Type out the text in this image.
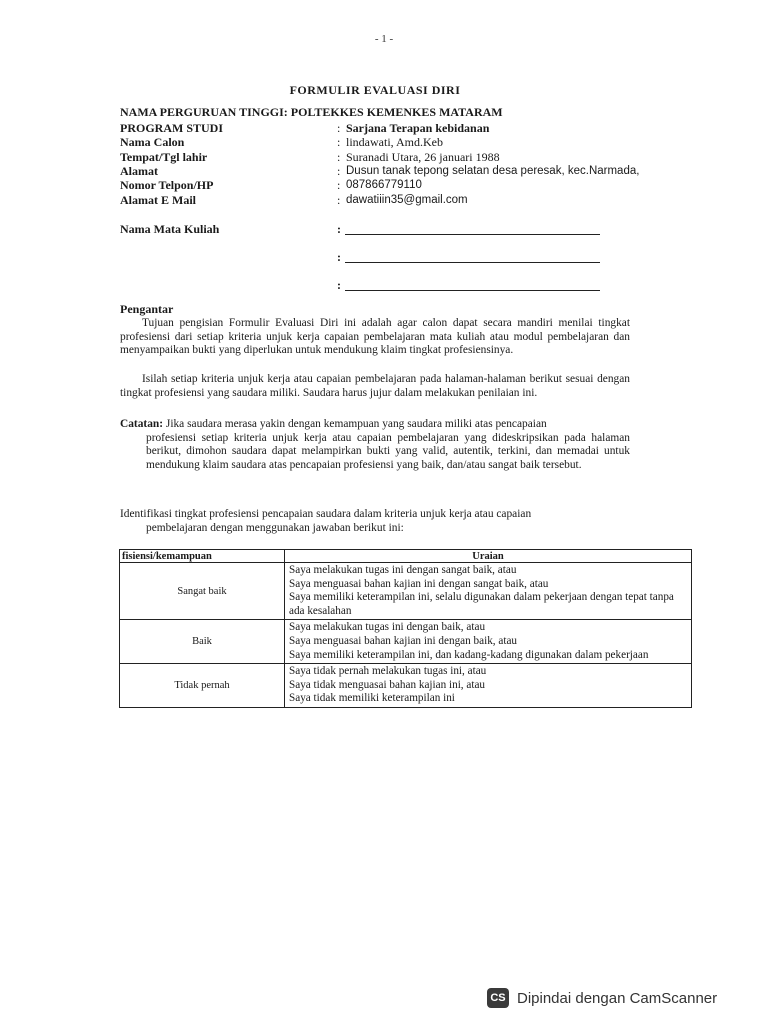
- 1 -
FORMULIR EVALUASI DIRI
NAMA PERGURUAN TINGGI: POLTEKKES KEMENKES MATARAM
PROGRAM STUDI	: Sarjana Terapan kebidanan
Nama Calon	: lindawati, Amd.Keb
Tempat/Tgl lahir	: Suranadi Utara, 26 januari 1988
Alamat	: Dusun tanak tepong selatan desa peresak, kec.Narmada,
Nomor Telpon/HP	: 087866779110
Alamat E Mail	: dawatiiin35@gmail.com
Nama Mata Kuliah	:
:
:
Pengantar
Tujuan pengisian Formulir Evaluasi Diri ini adalah agar calon dapat secara mandiri menilai tingkat profesiensi dari setiap kriteria unjuk kerja capaian pembelajaran mata kuliah atau modul pembelajaran dan menyampaikan bukti yang diperlukan untuk mendukung klaim tingkat profesiensinya.
Isilah setiap kriteria unjuk kerja atau capaian pembelajaran pada halaman-halaman berikut sesuai dengan tingkat profesiensi yang saudara miliki. Saudara harus jujur dalam melakukan penilaian ini.
Catatan: Jika saudara merasa yakin dengan kemampuan yang saudara miliki atas pencapaian
profesiensi setiap kriteria unjuk kerja atau capaian pembelajaran yang dideskripsikan pada halaman berikut, dimohon saudara dapat melampirkan bukti yang valid, autentik, terkini, dan memadai untuk mendukung klaim saudara atas pencapaian profesiensi yang baik, dan/atau sangat baik tersebut.
Identifikasi tingkat profesiensi pencapaian saudara dalam kriteria unjuk kerja atau capaian
pembelajaran dengan menggunakan jawaban berikut ini:
fisiensi/kemampuan	Uraian
Sangat baik	Saya melakukan tugas ini dengan sangat baik, atau
Saya menguasai bahan kajian ini dengan sangat baik, atau
Saya memiliki keterampilan ini, selalu digunakan dalam pekerjaan dengan tepat tanpa ada kesalahan

Baik	Saya melakukan tugas ini dengan baik, atau
Saya menguasai bahan kajian ini dengan baik, atau
Saya memiliki keterampilan ini, dan kadang-kadang digunakan dalam pekerjaan

Tidak pernah	Saya tidak pernah melakukan tugas ini, atau
Saya tidak menguasai bahan kajian ini, atau
Saya tidak memiliki keterampilan ini
CS Dipindai dengan CamScanner
